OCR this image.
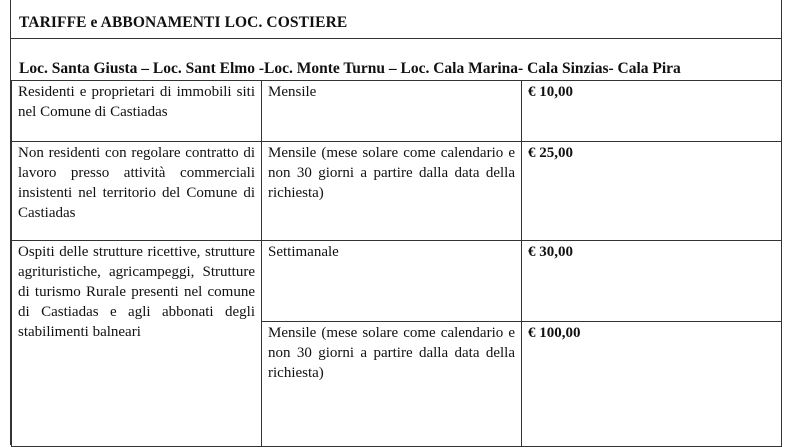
TARIFFE e ABBONAMENTI LOC. COSTIERE
Loc. Santa Giusta – Loc. Sant Elmo -Loc. Monte Turnu – Loc. Cala Marina- Cala Sinzias- Cala Pira
Residenti e proprietari di immobili siti nel Comune di Castiadas	Mensile	€ 10,00
Non residenti con regolare contratto di lavoro presso attività commerciali insistenti nel territorio del Comune di Castiadas	Mensile (mese solare come calendario e non 30 giorni a partire dalla data della richiesta)	€ 25,00
Ospiti delle strutture ricettive, strutture agrituristiche, agricampeggi, Strutture di turismo Rurale presenti nel comune di Castiadas e agli abbonati degli stabilimenti balneari	Settimanale	€ 30,00
	Mensile (mese solare come calendario e non 30 giorni a partire dalla data della richiesta)	€ 100,00
